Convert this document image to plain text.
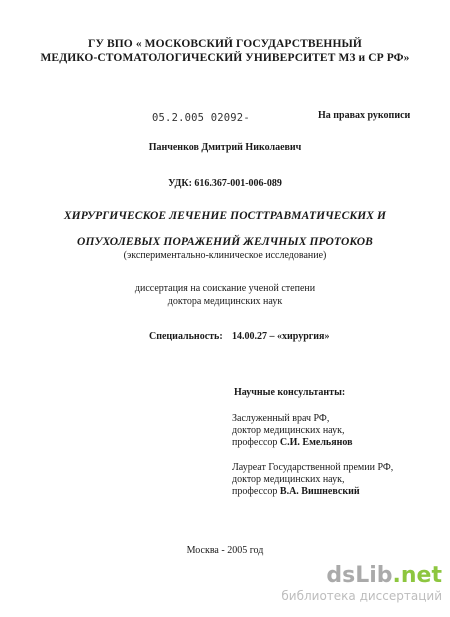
ГУ ВПО « МОСКОВСКИЙ ГОСУДАРСТВЕННЫЙ
МЕДИКО-СТОМАТОЛОГИЧЕСКИЙ УНИВЕРСИТЕТ МЗ и СР РФ»
05.2.005 02092‐	На правах рукописи
Панченков Дмитрий Николаевич
УДК: 616.367-001-006-089
ХИРУРГИЧЕСКОЕ ЛЕЧЕНИЕ ПОСТТРАВМАТИЧЕСКИХ И
ОПУХОЛЕВЫХ ПОРАЖЕНИЙ ЖЕЛЧНЫХ ПРОТОКОВ
(экспериментально-клиническое исследование)
диссертация на соискание ученой степени
доктора медицинских наук
Специальность: 14.00.27 – «хирургия»
Научные консультанты:
Заслуженный врач РФ,
доктор медицинских наук,
профессор С.И. Емельянов
Лауреат Государственной премии РФ,
доктор медицинских наук,
профессор В.А. Вишневский
Москва - 2005 год
dsLib.net
библиотека диссертаций
